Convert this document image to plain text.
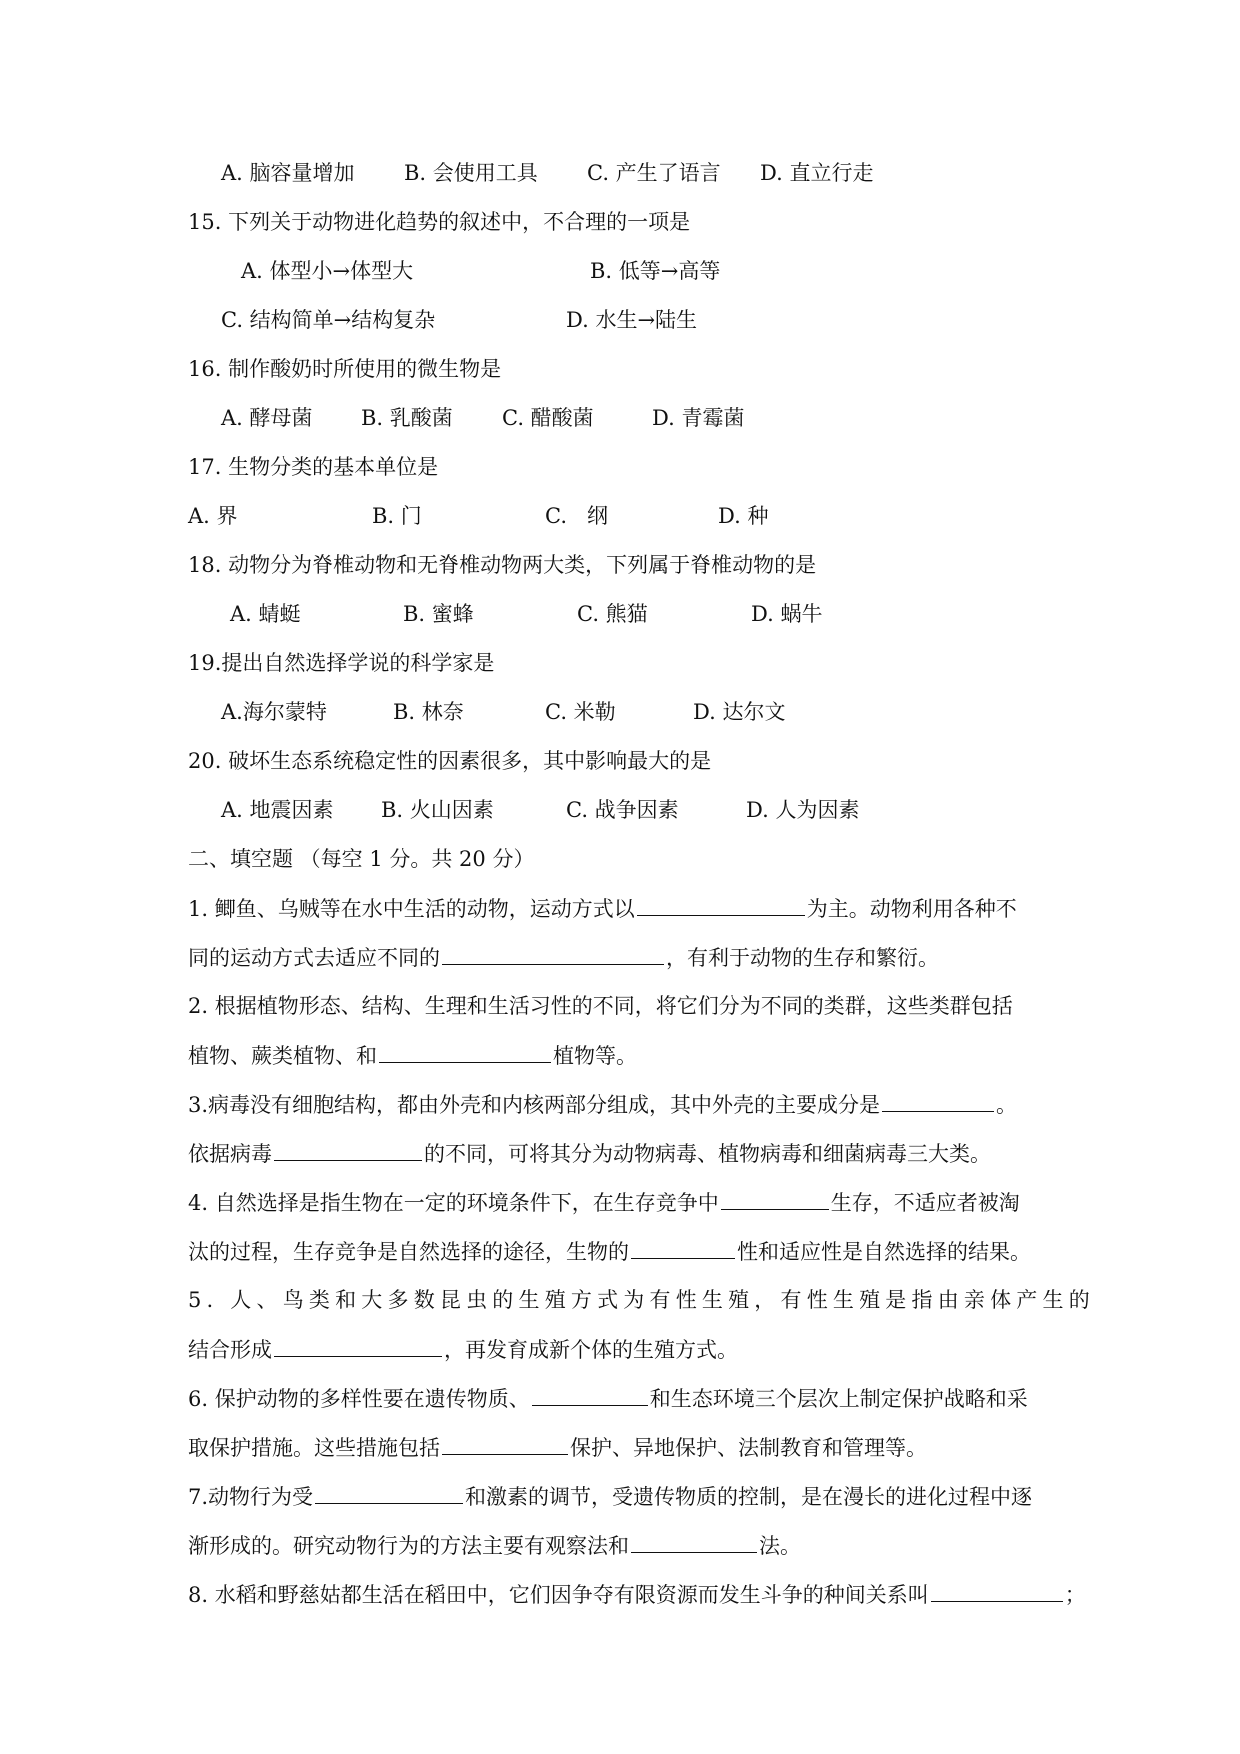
A. 脑容量增加 B. 会使用工具 C. 产生了语言 D. 直立行走
15. 下列关于动物进化趋势的叙述中，不合理的一项是
A. 体型小→体型大	B. 低等→高等
C. 结构简单→结构复杂	D. 水生→陆生
16. 制作酸奶时所使用的微生物是
A. 酵母菌 B. 乳酸菌 C. 醋酸菌	D. 青霉菌
17. 生物分类的基本单位是
A. 界	B. 门	C.   纲	D. 种
18. 动物分为脊椎动物和无脊椎动物两大类，下列属于脊椎动物的是
A. 蜻蜓	B. 蜜蜂	C. 熊猫	D. 蜗牛
19.提出自然选择学说的科学家是
A.海尔蒙特	B. 林奈	C. 米勒	D. 达尔文
20. 破坏生态系统稳定性的因素很多，其中影响最大的是
A. 地震因素 B. 火山因素	C. 战争因素	D. 人为因素
二、填空题 （每空 1 分。共 20 分）
1. 鲫鱼、乌贼等在水中生活的动物，运动方式以	为主。动物利用各种不
同的运动方式去适应不同的	，有利于动物的生存和繁衍。
2. 根据植物形态、结构、生理和生活习性的不同，将它们分为不同的类群，这些类群包括
植物、蕨类植物、和	植物等。
3.病毒没有细胞结构，都由外壳和内核两部分组成，其中外壳的主要成分是	。
依据病毒	的不同，可将其分为动物病毒、植物病毒和细菌病毒三大类。
4. 自然选择是指生物在一定的环境条件下，在生存竞争中	生存，不适应者被淘
汰的过程，生存竞争是自然选择的途径，生物的	性和适应性是自然选择的结果。
5. 人、鸟类和大多数昆虫的生殖方式为有性生殖，有性生殖是指由亲体产生的
结合形成	，再发育成新个体的生殖方式。
6. 保护动物的多样性要在遗传物质、	和生态环境三个层次上制定保护战略和采
取保护措施。这些措施包括	保护、异地保护、法制教育和管理等。
7.动物行为受	和激素的调节，受遗传物质的控制，是在漫长的进化过程中逐
渐形成的。研究动物行为的方法主要有观察法和	法。
8. 水稻和野慈姑都生活在稻田中，它们因争夺有限资源而发生斗争的种间关系叫	；
